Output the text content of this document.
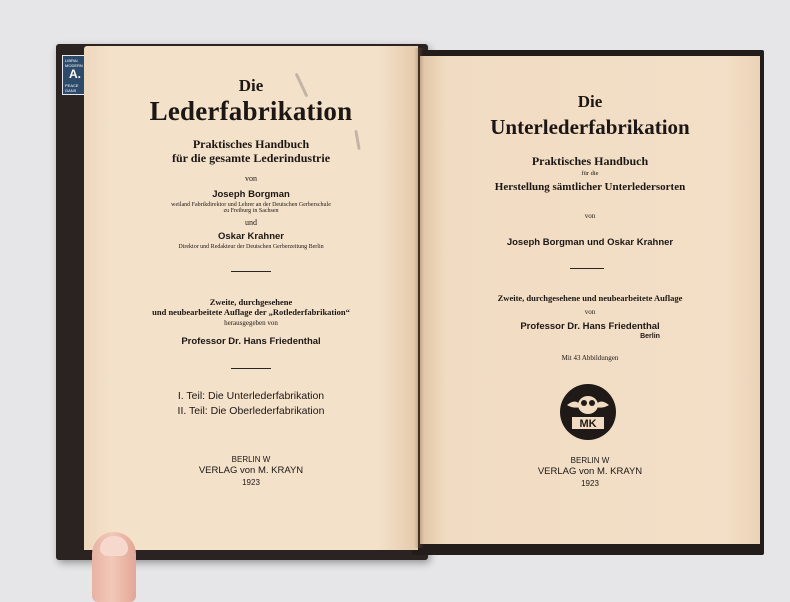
LIBRAI
MODERN
A.
PEACE
GANS	Die
Lederfabrikation
Praktisches Handbuch
für die gesamte Lederindustrie
von
Joseph Borgman
weiland Fabrikdirektor und Lehrer an der Deutschen Gerberschule
zu Freiburg in Sachsen
und
Oskar Krahner
Direktor und Redakteur der Deutschen Gerberzeitung Berlin
Zweite, durchgesehene
und neubearbeitete Auflage der „Rotlederfabrikation“
herausgegeben von
Professor Dr. Hans Friedenthal
I. Teil: Die Unterlederfabrikation
II. Teil: Die Oberlederfabrikation
BERLIN W
VERLAG von M. KRAYN
1923
Die
Unterlederfabrikation
Praktisches Handbuch
für die
Herstellung sämtlicher Unterledersorten
von
Joseph Borgman und Oskar Krahner
Zweite, durchgesehene und neubearbeitete Auflage
von
Professor Dr. Hans Friedenthal
Berlin
Mit 43 Abbildungen
MK
BERLIN W
VERLAG von M. KRAYN
1923
